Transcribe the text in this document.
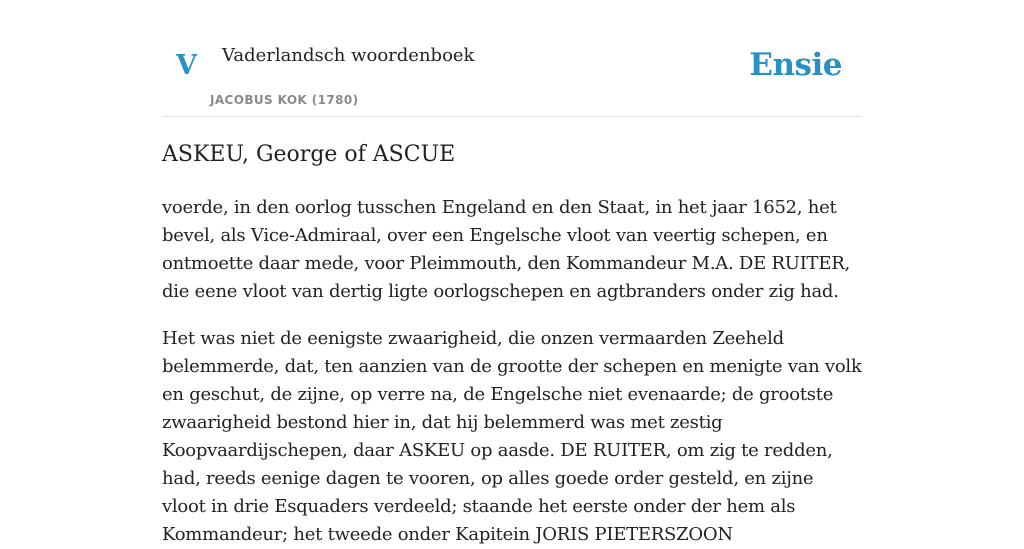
V Vaderlandsch woordenboek
JACOBUS KOK (1780)
Ensie
ASKEU, George of ASCUE

voerde, in den oorlog tusschen Engeland en den Staat, in het jaar 1652, het bevel, als Vice-Admiraal, over een Engelsche vloot van veertig schepen, en ontmoette daar mede, voor Pleimmouth, den Kommandeur M.A. DE RUITER, die eene vloot van dertig ligte oorlogschepen en agtbranders onder zig had.

Het was niet de eenigste zwaarigheid, die onzen vermaarden Zeeheld belemmerde, dat, ten aanzien van de grootte der schepen en menigte van volk en geschut, de zijne, op verre na, de Engelsche niet evenaarde; de grootste zwaarigheid bestond hier in, dat hij belemmerd was met zestig Koopvaardijschepen, daar ASKEU op aasde. DE RUITER, om zig te redden, had, reeds eenige dagen te vooren, op alles goede order gesteld, en zijne vloot in drie Esquaders verdeeld; staande het eerste onder der hem als Kommandeur; het tweede onder Kapitein JORIS PIETERSZOON
